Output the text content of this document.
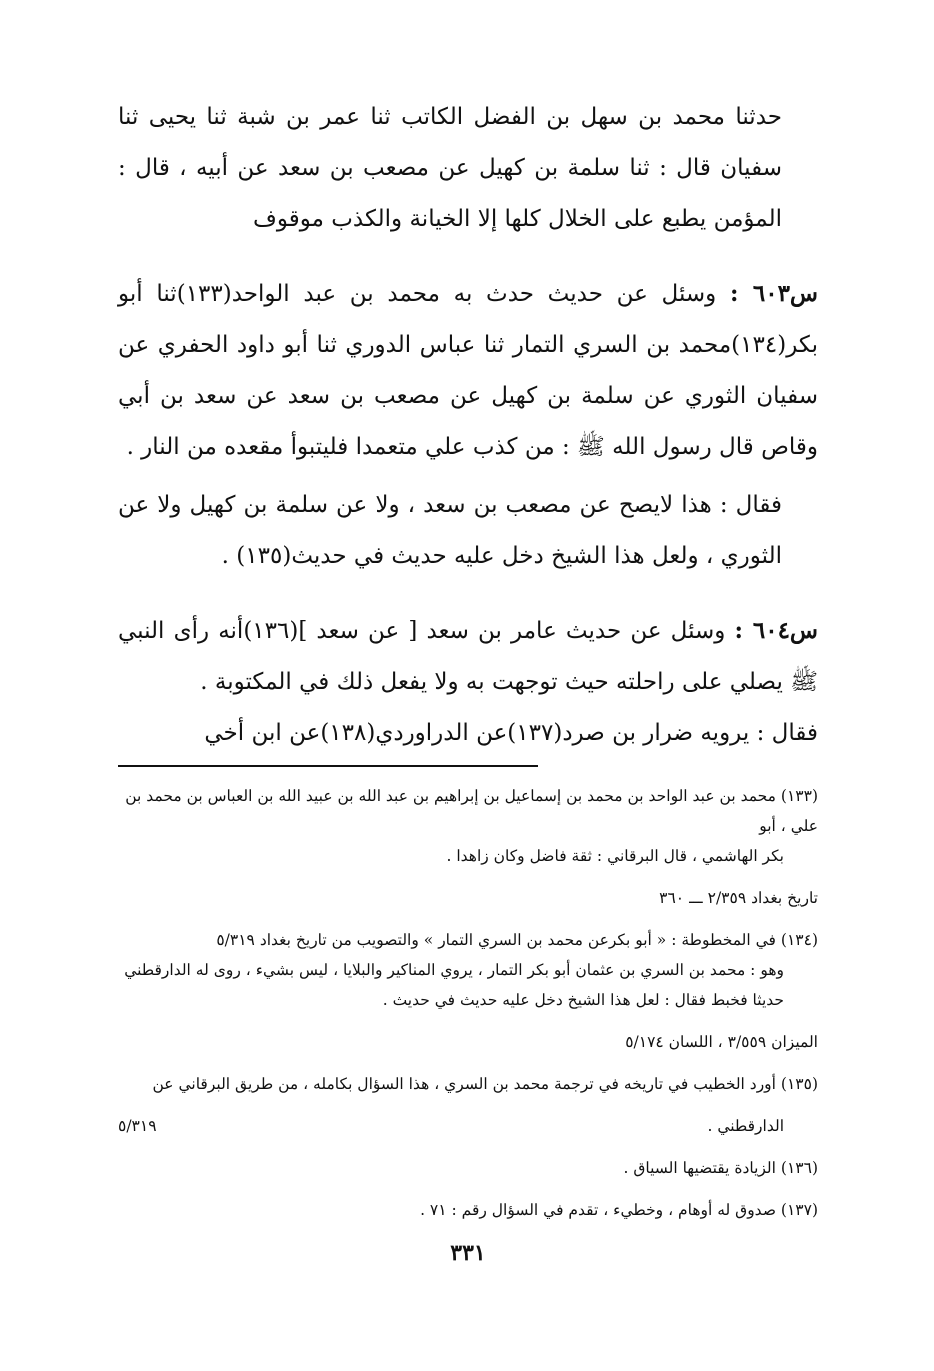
حدثنا محمد بن سهل بن الفضل الكاتب ثنا عمر بن شبة ثنا يحيى ثنا سفيان قال : ثنا سلمة بن كهيل عن مصعب بن سعد عن أبيه ، قال : المؤمن يطبع على الخلال كلها إلا الخيانة والكذب موقوف

س٦٠٣ : وسئل عن حديث حدث به محمد بن عبد الواحد(١٣٣)ثنا أبو بكر(١٣٤)محمد بن السري التمار ثنا عباس الدوري ثنا أبو داود الحفري عن سفيان الثوري عن سلمة بن كهيل عن مصعب بن سعد عن سعد بن أبي وقاص قال رسول الله ﷺ : من كذب علي متعمدا فليتبوأ مقعده من النار .

فقال : هذا لايصح عن مصعب بن سعد ، ولا عن سلمة بن كهيل ولا عن الثوري ، ولعل هذا الشيخ دخل عليه حديث في حديث(١٣٥) .

س٦٠٤ : وسئل عن حديث عامر بن سعد [ عن سعد ](١٣٦)أنه رأى النبي ﷺ يصلي على راحلته حيث توجهت به ولا يفعل ذلك في المكتوبة .

فقال : يرويه ضرار بن صرد(١٣٧)عن الدراوردي(١٣٨)عن ابن أخي

(١٣٣) محمد بن عبد الواحد بن محمد بن إسماعيل بن إبراهيم بن عبد الله بن عبيد الله بن العباس بن محمد بن علي ، أبو
بكر الهاشمي ، قال البرقاني : ثقة فاضل وكان زاهدا .

تاريخ بغداد ٢/٣٥٩ ـــ ٣٦٠

(١٣٤) في المخطوطة : « أبو بكرعن محمد بن السري التمار » والتصويب من تاريخ بغداد ٥/٣١٩
وهو : محمد بن السري بن عثمان أبو بكر التمار ، يروي المناكير والبلايا ، ليس بشيء ، روى له الدارقطني
حديثا فخبط فقال : لعل هذا الشيخ دخل عليه حديث في حديث .

الميزان ٣/٥٥٩ ، اللسان ٥/١٧٤

(١٣٥) أورد الخطيب في تاريخه في ترجمة محمد بن السري ، هذا السؤال بكامله ، من طريق البرقاني عن

الدارقطني .
٥/٣١٩

(١٣٦) الزيادة يقتضيها السياق .

(١٣٧) صدوق له أوهام ، وخطيء ، تقدم في السؤال رقم : ٧١ .

٣٣١
